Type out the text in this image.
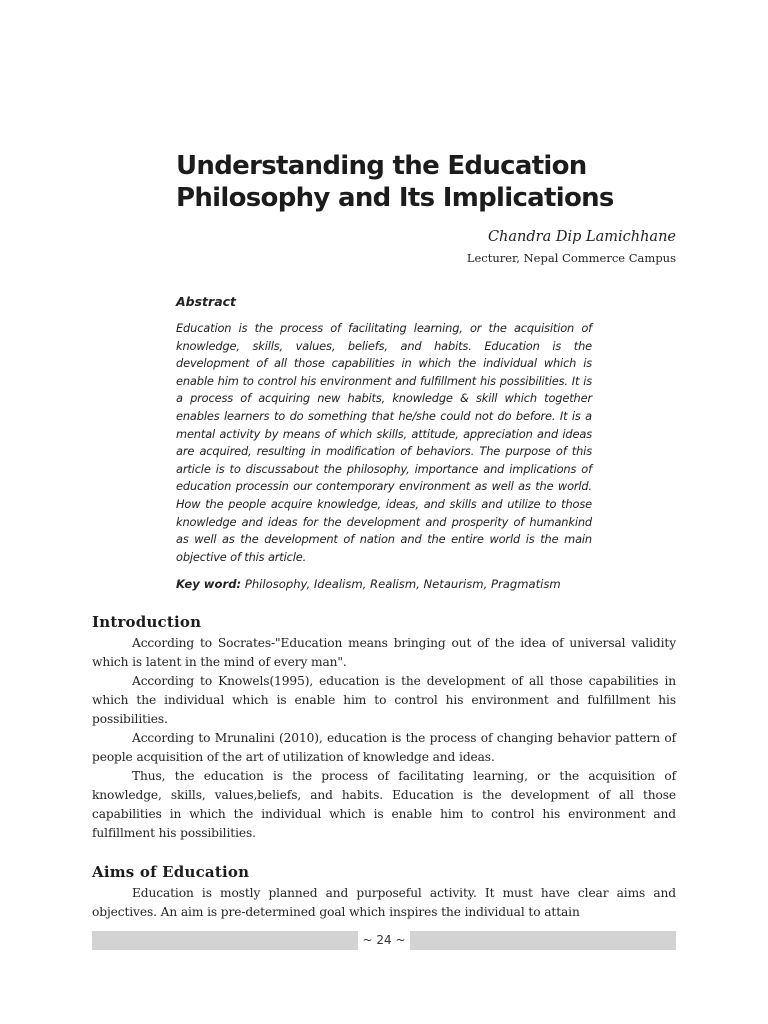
Understanding the Education Philosophy and Its Implications
Chandra Dip Lamichhane
Lecturer, Nepal Commerce Campus
Abstract

Education is the process of facilitating learning, or the acquisition of knowledge, skills, values, beliefs, and habits. Education is the development of all those capabilities in which the individual which is enable him to control his environment and fulfillment his possibilities. It is a process of acquiring new habits, knowledge & skill which together enables learners to do something that he/she could not do before. It is a mental activity by means of which skills, attitude, appreciation and ideas are acquired, resulting in modification of behaviors. The purpose of this article is to discussabout the philosophy, importance and implications of education processin our contemporary environment as well as the world. How the people acquire knowledge, ideas, and skills and utilize to those knowledge and ideas for the development and prosperity of humankind as well as the development of nation and the entire world is the main objective of this article.

Key word: Philosophy, Idealism, Realism, Netaurism, Pragmatism

Introduction

According to Socrates-"Education means bringing out of the idea of universal validity which is latent in the mind of every man".

According to Knowels(1995), education is the development of all those capabilities in which the individual which is enable him to control his environment and fulfillment his possibilities.

According to Mrunalini (2010), education is the process of changing behavior pattern of people acquisition of the art of utilization of knowledge and ideas.

Thus, the education is the process of facilitating learning, or the acquisition of knowledge, skills, values,beliefs, and habits. Education is the development of all those capabilities in which the individual which is enable him to control his environment and fulfillment his possibilities.

Aims of Education

Education is mostly planned and purposeful activity. It must have clear aims and objectives. An aim is pre-determined goal which inspires the individual to attain

~ 24 ~
